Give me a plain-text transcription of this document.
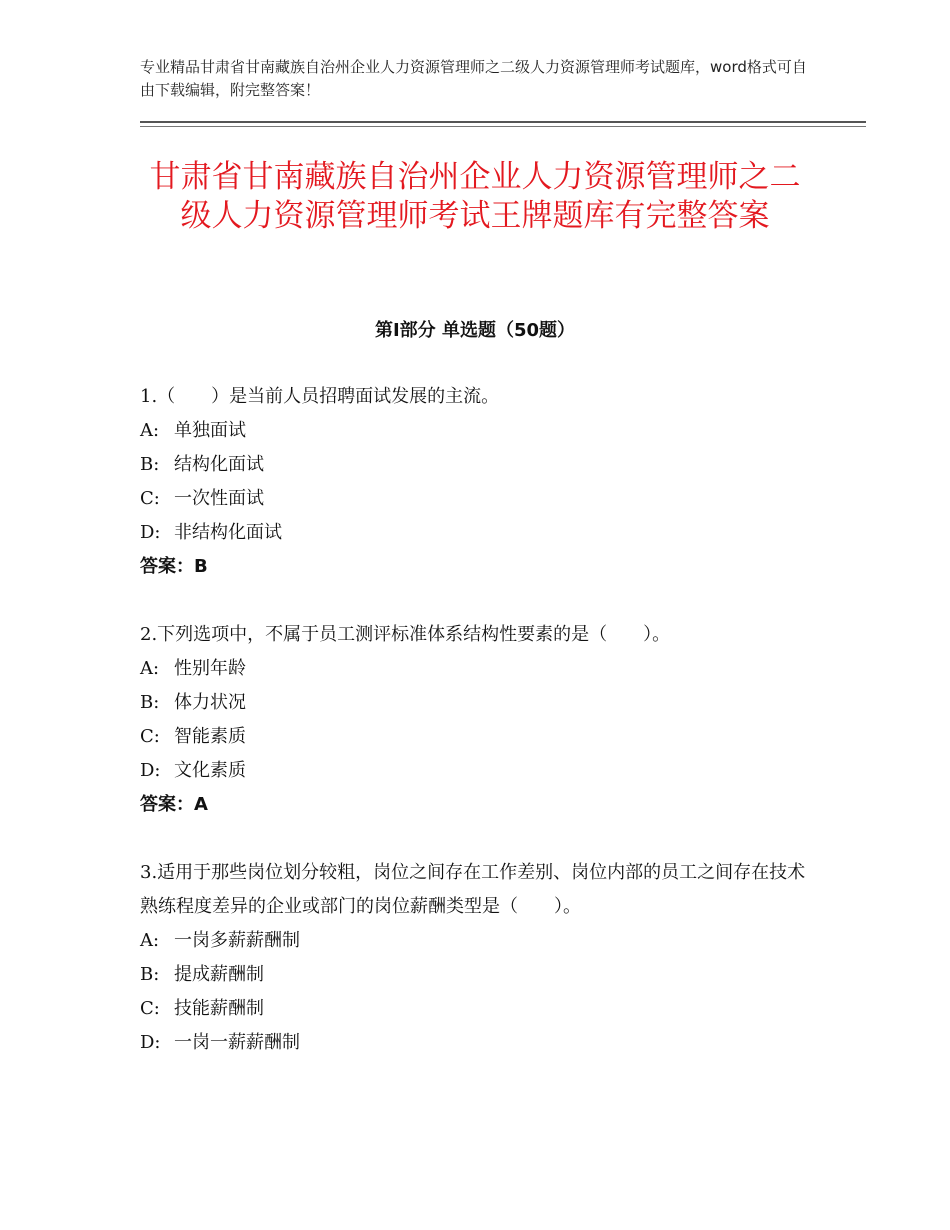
专业精品甘肃省甘南藏族自治州企业人力资源管理师之二级人力资源管理师考试题库，word格式可自由下载编辑，附完整答案！
甘肃省甘南藏族自治州企业人力资源管理师之二级人力资源管理师考试王牌题库有完整答案
第Ⅰ部分 单选题（50题）
1.（　　）是当前人员招聘面试发展的主流。
A: 单独面试
B: 结构化面试
C: 一次性面试
D: 非结构化面试
答案：B
2.下列选项中，不属于员工测评标准体系结构性要素的是（　　）。
A: 性别年龄
B: 体力状况
C: 智能素质
D: 文化素质
答案：A
3.适用于那些岗位划分较粗，岗位之间存在工作差别、岗位内部的员工之间存在技术熟练程度差异的企业或部门的岗位薪酬类型是（　　）。
A: 一岗多薪薪酬制
B: 提成薪酬制
C: 技能薪酬制
D: 一岗一薪薪酬制
